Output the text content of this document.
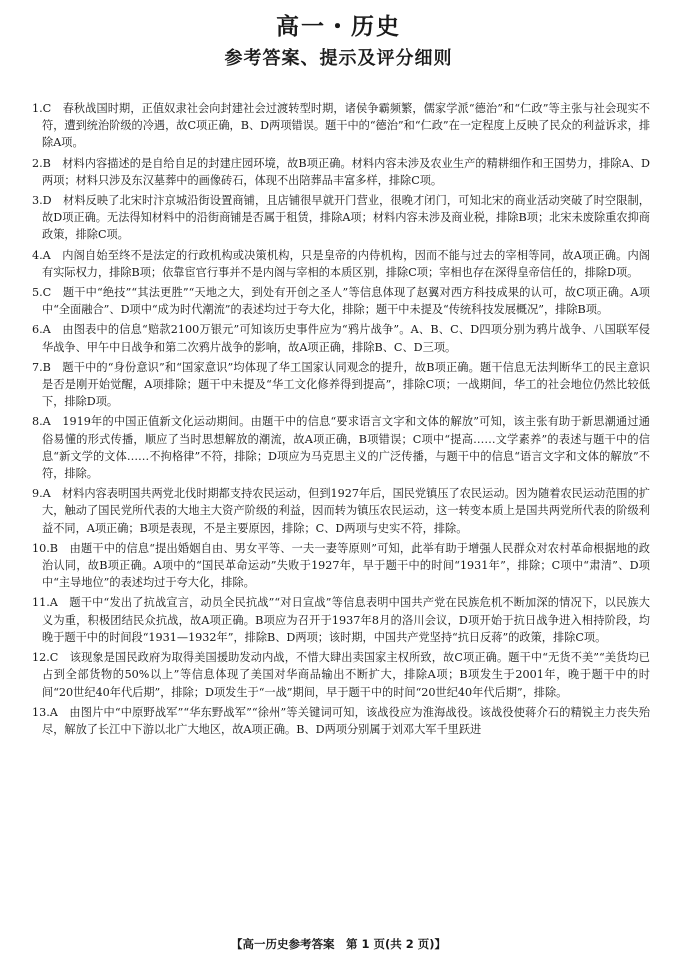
高一・历史
参考答案、提示及评分细则

1.C　春秋战国时期，正值奴隶社会向封建社会过渡转型时期，诸侯争霸频繁，儒家学派“德治”和“仁政”等主张与社会现实不符，遭到统治阶级的冷遇，故C项正确，B、D两项错误。题干中的“德治”和“仁政”在一定程度上反映了民众的利益诉求，排除A项。

2.B　材料内容描述的是自给自足的封建庄园环境，故B项正确。材料内容未涉及农业生产的精耕细作和王国势力，排除A、D两项；材料只涉及东汉墓葬中的画像砖石，体现不出陪葬品丰富多样，排除C项。

3.D　材料反映了北宋时汴京城沿街设置商铺，且店铺很早就开门营业，很晚才闭门，可知北宋的商业活动突破了时空限制，故D项正确。无法得知材料中的沿街商铺是否属于租赁，排除A项；材料内容未涉及商业税，排除B项；北宋未废除重农抑商政策，排除C项。

4.A　内阁自始至终不是法定的行政机构或决策机构，只是皇帝的内侍机构，因而不能与过去的宰相等同，故A项正确。内阁有实际权力，排除B项；依靠宦官行事并不是内阁与宰相的本质区别，排除C项；宰相也存在深得皇帝信任的，排除D项。

5.C　题干中“绝技”“其法更胜”“天地之大，到处有开创之圣人”等信息体现了赵翼对西方科技成果的认可，故C项正确。A项中“全面融合”、D项中“成为时代潮流”的表述均过于夸大化，排除；题干中未提及“传统科技发展概况”，排除B项。

6.A　由图表中的信息“赔款2100万银元”可知该历史事件应为“鸦片战争”。A、B、C、D四项分别为鸦片战争、八国联军侵华战争、甲午中日战争和第二次鸦片战争的影响，故A项正确，排除B、C、D三项。

7.B　题干中的“身份意识”和“国家意识”均体现了华工国家认同观念的提升，故B项正确。题干信息无法判断华工的民主意识是否是刚开始觉醒，A项排除；题干中未提及“华工文化修养得到提高”，排除C项；一战期间，华工的社会地位仍然比较低下，排除D项。

8.A　1919年的中国正值新文化运动期间。由题干中的信息“要求语言文字和文体的解放”可知，该主张有助于新思潮通过通俗易懂的形式传播，顺应了当时思想解放的潮流，故A项正确，B项错误；C项中“提高……文学素养”的表述与题干中的信息“新文学的文体……不拘格律”不符，排除；D项应为马克思主义的广泛传播，与题干中的信息“语言文字和文体的解放”不符，排除。

9.A　材料内容表明国共两党北伐时期都支持农民运动，但到1927年后，国民党镇压了农民运动。因为随着农民运动范围的扩大，触动了国民党所代表的大地主大资产阶级的利益，因而转为镇压农民运动，这一转变本质上是国共两党所代表的阶级利益不同，A项正确；B项是表现，不是主要原因，排除；C、D两项与史实不符，排除。

10.B　由题干中的信息“提出婚姻自由、男女平等、一夫一妻等原则”可知，此举有助于增强人民群众对农村革命根据地的政治认同，故B项正确。A项中的“国民革命运动”失败于1927年，早于题干中的时间“1931年”，排除；C项中“肃清”、D项中“主导地位”的表述均过于夸大化，排除。

11.A　题干中“发出了抗战宣言，动员全民抗战”“对日宣战”等信息表明中国共产党在民族危机不断加深的情况下，以民族大义为重，积极团结民众抗战，故A项正确。B项应为召开于1937年8月的洛川会议，D项开始于抗日战争进入相持阶段，均晚于题干中的时间段“1931—1932年”，排除B、D两项；该时期，中国共产党坚持“抗日反蒋”的政策，排除C项。

12.C　该现象是国民政府为取得美国援助发动内战，不惜大肆出卖国家主权所致，故C项正确。题干中“无货不美”“美货均已占到全部货物的50%以上”等信息体现了美国对华商品输出不断扩大，排除A项；B项发生于2001年，晚于题干中的时间“20世纪40年代后期”，排除；D项发生于“一战”期间，早于题干中的时间“20世纪40年代后期”，排除。

13.A　由图片中“中原野战军”“华东野战军”“徐州”等关键词可知，该战役应为淮海战役。该战役使蒋介石的精锐主力丧失殆尽，解放了长江中下游以北广大地区，故A项正确。B、D两项分别属于刘邓大军千里跃进

【高一历史参考答案　第 1 页(共 2 页)】
